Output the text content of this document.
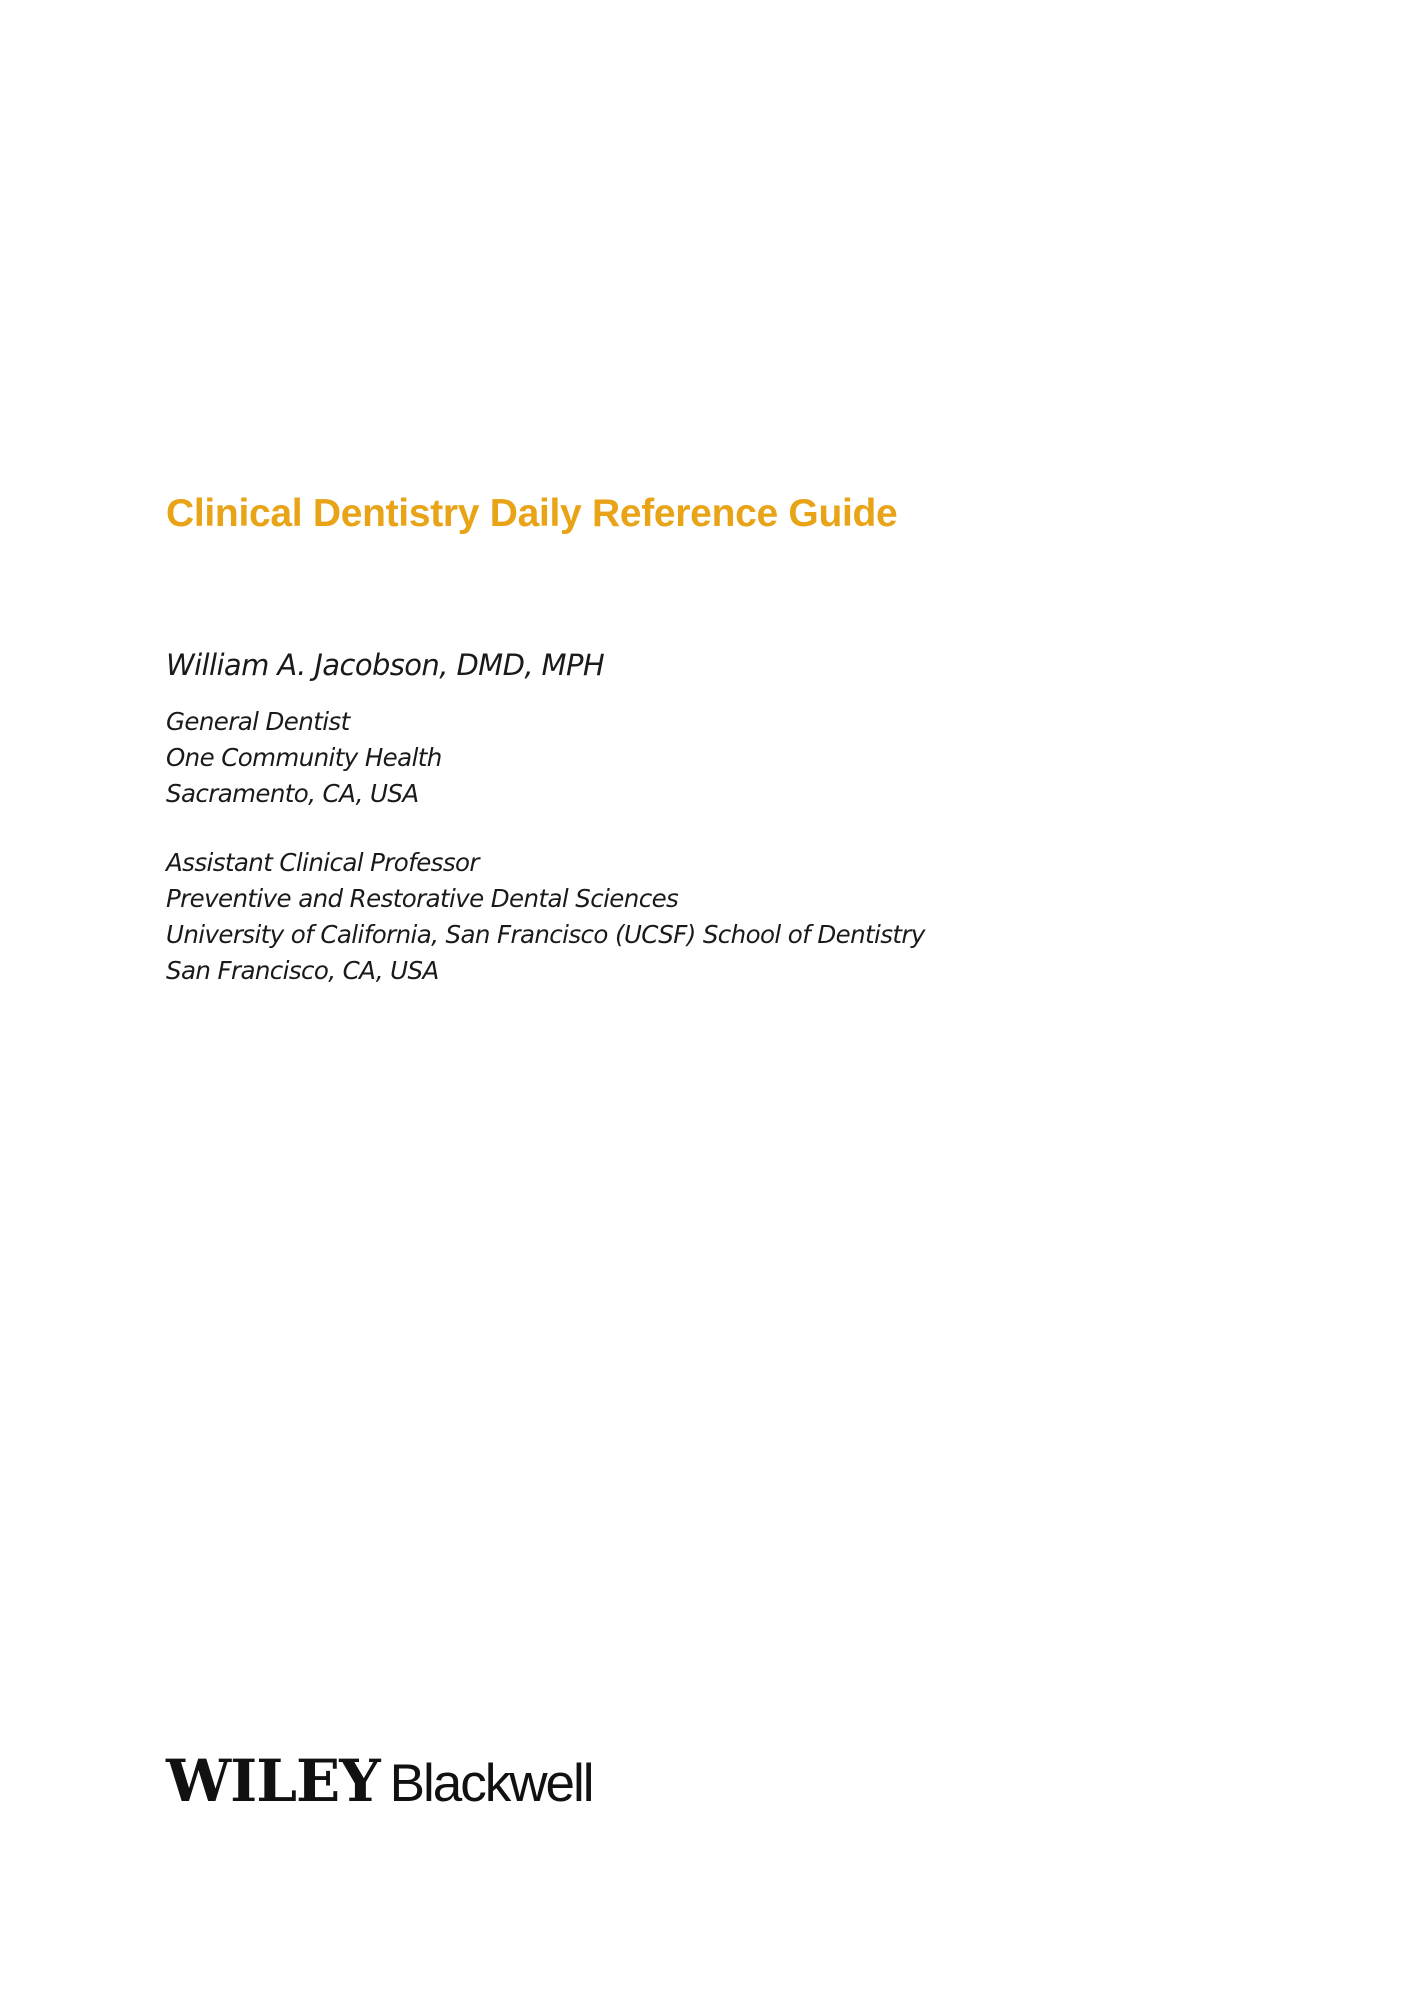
Clinical Dentistry Daily Reference Guide
William A. Jacobson, DMD, MPH
General Dentist
One Community Health
Sacramento, CA, USA
Assistant Clinical Professor
Preventive and Restorative Dental Sciences
University of California, San Francisco (UCSF) School of Dentistry
San Francisco, CA, USA
WILEY Blackwell
